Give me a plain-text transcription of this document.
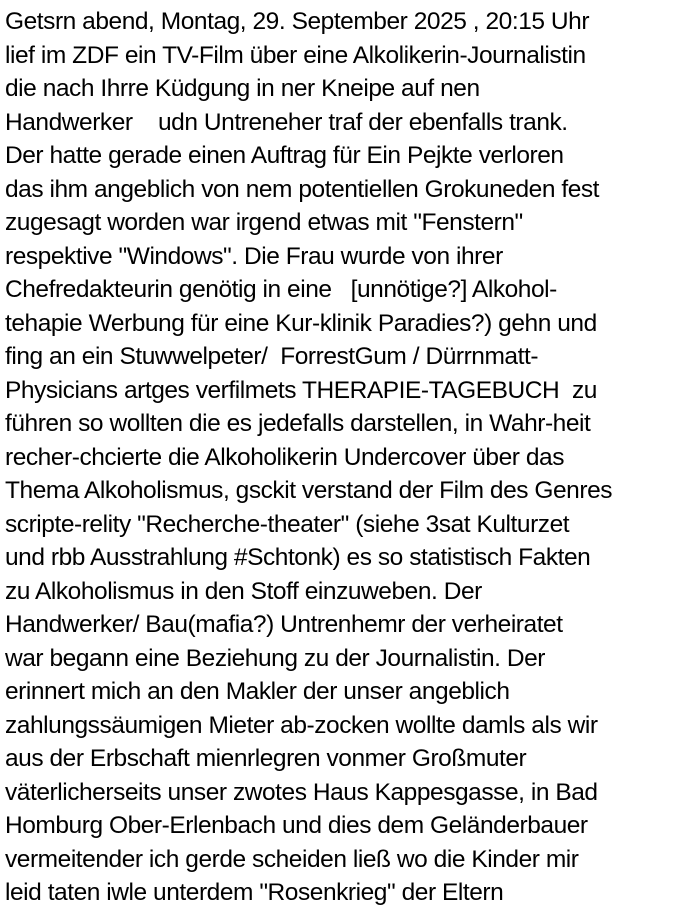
Getsrn abend, Montag, 29. September 2025 , 20:15 Uhr
lief im ZDF ein TV-Film über eine Alkolikerin-Journalistin
die nach Ihrre Küdgung in ner Kneipe auf nen
Handwerker    udn Untreneher traf der ebenfalls trank.
Der hatte gerade einen Auftrag für Ein Pejkte verloren
das ihm angeblich von nem potentiellen Grokuneden fest
zugesagt worden war irgend etwas mit "Fenstern"
respektive "Windows". Die Frau wurde von ihrer
Chefredakteurin genötig in eine   [unnötige?] Alkohol-
tehapie Werbung für eine Kur-klinik Paradies?) gehn und
fing an ein Stuwwelpeter/  ForrestGum / Dürrnmatt-
Physicians artges verfilmets THERAPIE-TAGEBUCH  zu
führen so wollten die es jedefalls darstellen, in Wahr-heit
recher-chcierte die Alkoholikerin Undercover über das
Thema Alkoholismus, gsckit verstand der Film des Genres
scripte-relity "Recherche-theater" (siehe 3sat Kulturzet
und rbb Ausstrahlung #Schtonk) es so statistisch Fakten
zu Alkoholismus in den Stoff einzuweben. Der
Handwerker/ Bau(mafia?) Untrenhemr der verheiratet
war begann eine Beziehung zu der Journalistin. Der
erinnert mich an den Makler der unser angeblich
zahlungssäumigen Mieter ab-zocken wollte damls als wir
aus der Erbschaft mienrlegren vonmer Großmuter
väterlicherseits unser zwotes Haus Kappesgasse, in Bad
Homburg Ober-Erlenbach und dies dem Geländerbauer
vermeitender ich gerde scheiden ließ wo die Kinder mir
leid taten iwle unterdem "Rosenkrieg" der Eltern
